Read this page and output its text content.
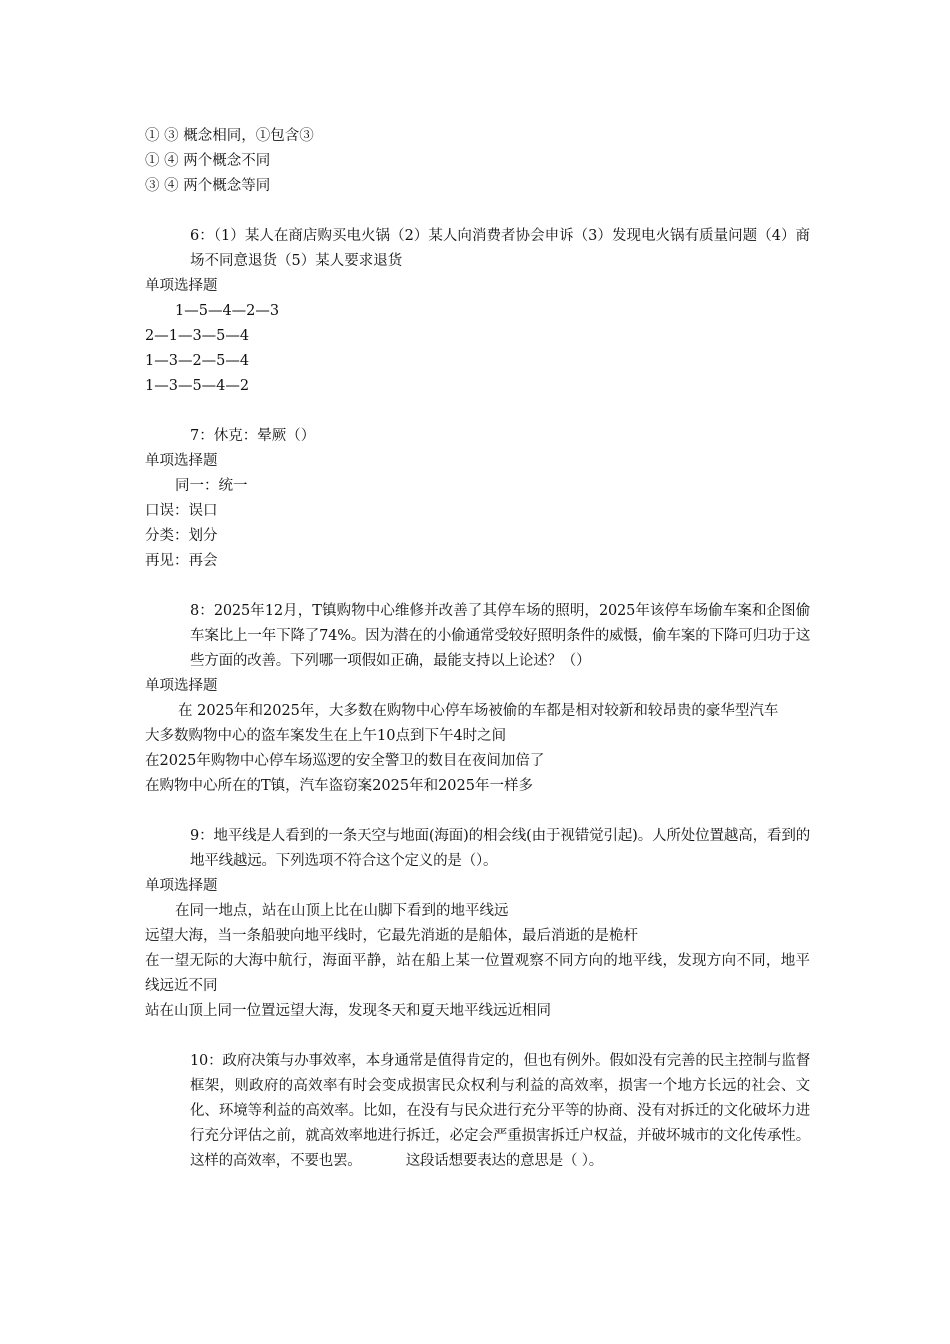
① ③ 概念相同，①包含③
① ④ 两个概念不同
③ ④ 两个概念等同
6：（1）某人在商店购买电火锅（2）某人向消费者协会申诉（3）发现电火锅有质量问题（4）商场不同意退货（5）某人要求退货
单项选择题
1—5—4—2—3
2—1—3—5—4
1—3—2—5—4
1—3—5—4—2
7：休克：晕厥（）
单项选择题
同一：统一
口误：误口
分类：划分
再见：再会
8：2025年12月，T镇购物中心维修并改善了其停车场的照明，2025年该停车场偷车案和企图偷车案比上一年下降了74%。因为潜在的小偷通常受较好照明条件的威慑，偷车案的下降可归功于这些方面的改善。下列哪一项假如正确，最能支持以上论述？（）
单项选择题
在 2025年和2025年，大多数在购物中心停车场被偷的车都是相对较新和较昂贵的豪华型汽车
大多数购物中心的盗车案发生在上午10点到下午4时之间
在2025年购物中心停车场巡逻的安全警卫的数目在夜间加倍了
在购物中心所在的T镇，汽车盗窃案2025年和2025年一样多
9：地平线是人看到的一条天空与地面(海面)的相会线(由于视错觉引起)。人所处位置越高，看到的地平线越远。下列选项不符合这个定义的是（）。
单项选择题
在同一地点，站在山顶上比在山脚下看到的地平线远
远望大海，当一条船驶向地平线时，它最先消逝的是船体，最后消逝的是桅杆
在一望无际的大海中航行，海面平静，站在船上某一位置观察不同方向的地平线，发现方向不同，地平线远近不同
站在山顶上同一位置远望大海，发现冬天和夏天地平线远近相同
10：政府决策与办事效率，本身通常是值得肯定的，但也有例外。假如没有完善的民主控制与监督框架，则政府的高效率有时会变成损害民众权利与利益的高效率，损害一个地方长远的社会、文化、环境等利益的高效率。比如，在没有与民众进行充分平等的协商、没有对拆迁的文化破坏力进行充分评估之前，就高效率地进行拆迁，必定会严重损害拆迁户权益，并破坏城市的文化传承性。这样的高效率，不要也罢。          这段话想要表达的意思是（ ）。
